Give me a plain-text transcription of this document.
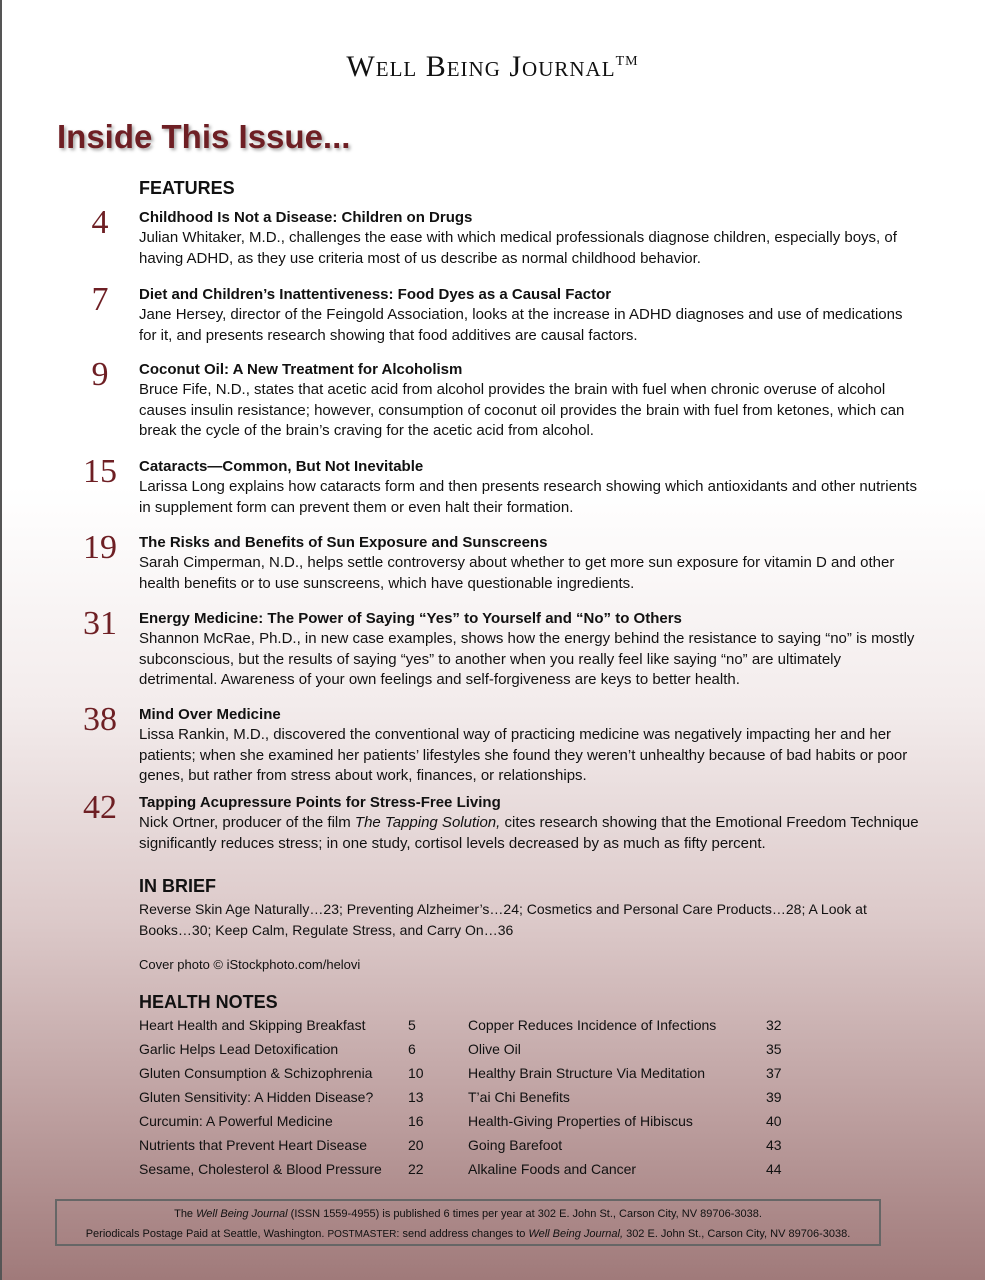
Well Being Journal™
Inside This Issue...
FEATURES
4	Childhood Is Not a Disease: Children on Drugs
Julian Whitaker, M.D., challenges the ease with which medical professionals diagnose children, especially boys, of having ADHD, as they use criteria most of us describe as normal childhood behavior.
7	Diet and Children’s Inattentiveness: Food Dyes as a Causal Factor
Jane Hersey, director of the Feingold Association, looks at the increase in ADHD diagnoses and use of medications for it, and presents research showing that food additives are causal factors.
9	Coconut Oil: A New Treatment for Alcoholism
Bruce Fife, N.D., states that acetic acid from alcohol provides the brain with fuel when chronic overuse of alcohol causes insulin resistance; however, consumption of coconut oil provides the brain with fuel from ketones, which can break the cycle of the brain’s craving for the acetic acid from alcohol.
15	Cataracts—Common, But Not Inevitable
Larissa Long explains how cataracts form and then presents research showing which antioxidants and other nutrients in supplement form can prevent them or even halt their formation.
19	The Risks and Benefits of Sun Exposure and Sunscreens
Sarah Cimperman, N.D., helps settle controversy about whether to get more sun exposure for vitamin D and other health benefits or to use sunscreens, which have questionable ingredients.
31	Energy Medicine: The Power of Saying “Yes” to Yourself and “No” to Others
Shannon McRae, Ph.D., in new case examples, shows how the energy behind the resistance to saying “no” is mostly subconscious, but the results of saying “yes” to another when you really feel like saying “no” are ultimately detrimental. Awareness of your own feelings and self-forgiveness are keys to better health.
38	Mind Over Medicine
Lissa Rankin, M.D., discovered the conventional way of practicing medicine was negatively impacting her and her patients; when she examined her patients’ lifestyles she found they weren’t unhealthy because of bad habits or poor genes, but rather from stress about work, finances, or relationships.
42	Tapping Acupressure Points for Stress-Free Living
Nick Ortner, producer of the film The Tapping Solution, cites research showing that the Emotional Freedom Technique significantly reduces stress; in one study, cortisol levels decreased by as much as fifty percent.
IN BRIEF
Reverse Skin Age Naturally…23; Preventing Alzheimer’s…24; Cosmetics and Personal Care Products…28; A Look at Books…30; Keep Calm, Regulate Stress, and Carry On…36
Cover photo © iStockphoto.com/helovi
HEALTH NOTES
Heart Health and Skipping Breakfast	5
Garlic Helps Lead Detoxification	6
Gluten Consumption & Schizophrenia	10
Gluten Sensitivity: A Hidden Disease? 13
Curcumin: A Powerful Medicine	16
Nutrients that Prevent Heart Disease	20
Sesame, Cholesterol & Blood Pressure 22
Copper Reduces Incidence of Infections	32
Olive Oil	35
Healthy Brain Structure Via Meditation	37
T’ai Chi Benefits	39
Health-Giving Properties of Hibiscus	40
Going Barefoot	43
Alkaline Foods and Cancer	44
The Well Being Journal (ISSN 1559-4955) is published 6 times per year at 302 E. John St., Carson City, NV 89706-3038.
Periodicals Postage Paid at Seattle, Washington. POSTMASTER: send address changes to Well Being Journal, 302 E. John St., Carson City, NV 89706-3038.
